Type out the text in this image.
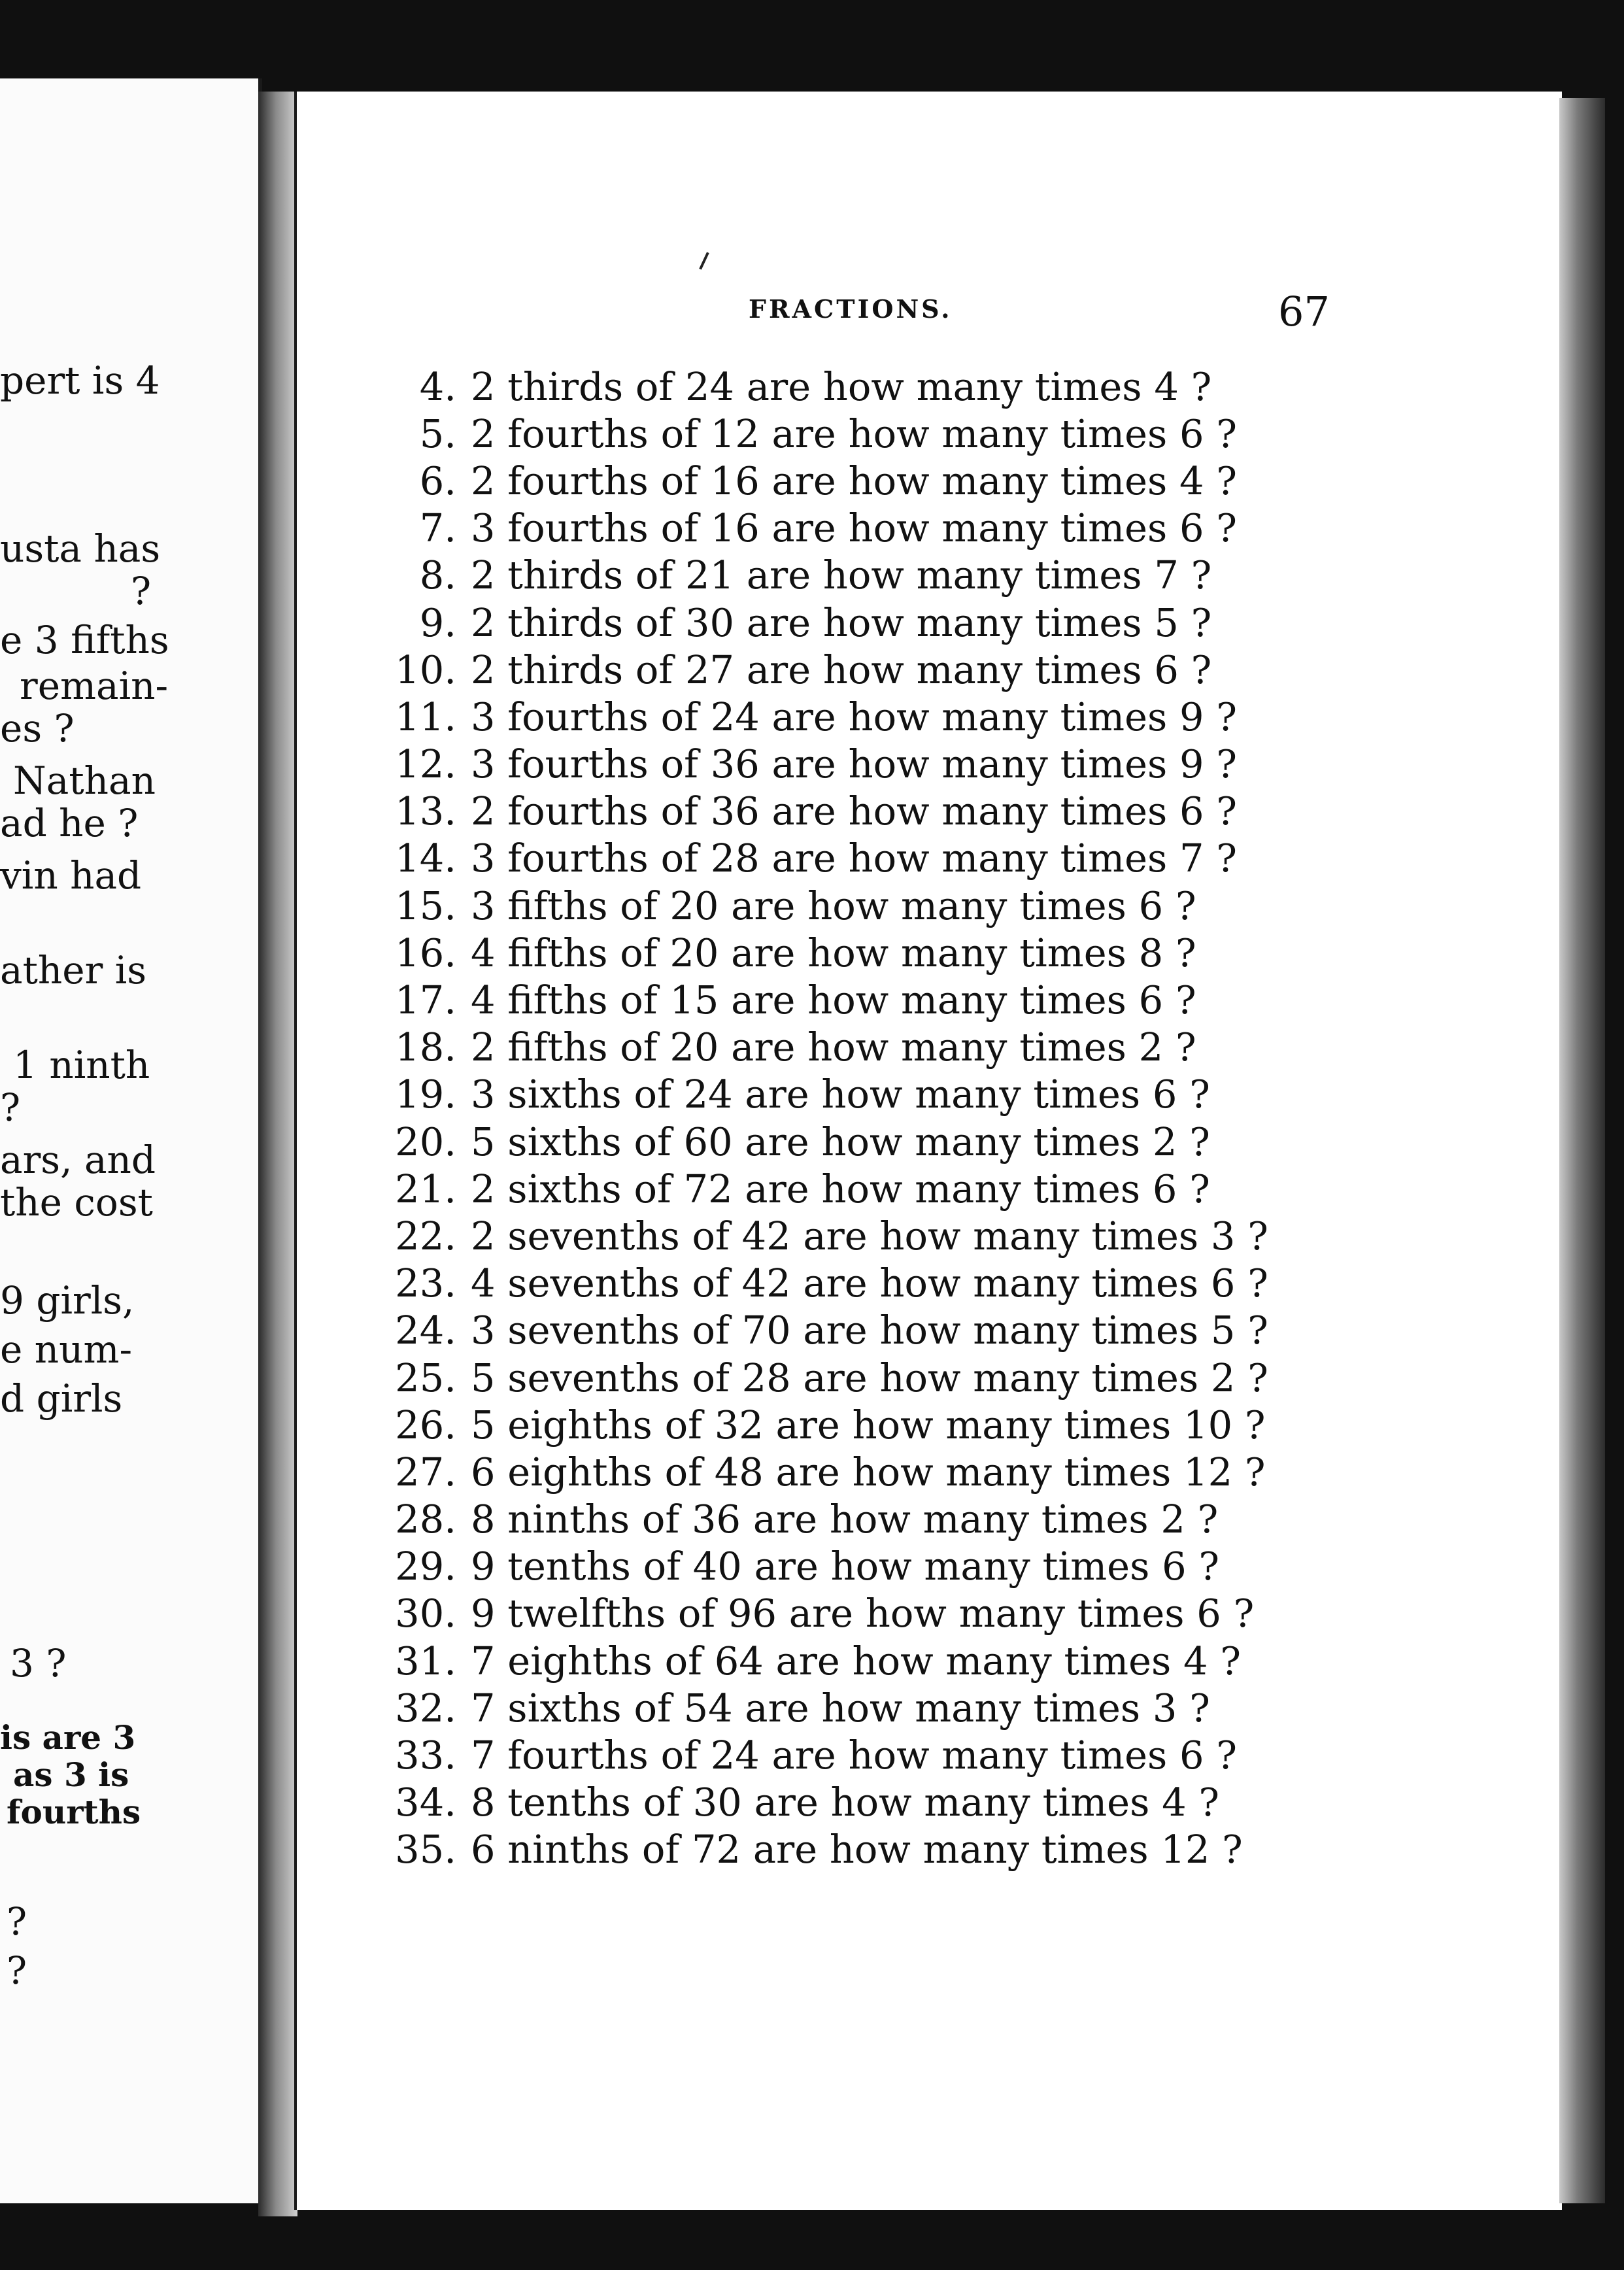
pert is 4
usta has
?
e 3 fifths
remain-
es ?
Nathan
ad he ?
vin had
ather is
1 ninth
?
ars, and
the cost
9 girls,
e num-
d girls
3 ?
is are 3
as 3 is
fourths
?
?
FRACTIONS.	67
4. 2 thirds of 24 are how many times 4 ?
5. 2 fourths of 12 are how many times 6 ?
6. 2 fourths of 16 are how many times 4 ?
7. 3 fourths of 16 are how many times 6 ?
8. 2 thirds of 21 are how many times 7 ?
9. 2 thirds of 30 are how many times 5 ?
10. 2 thirds of 27 are how many times 6 ?
11. 3 fourths of 24 are how many times 9 ?
12. 3 fourths of 36 are how many times 9 ?
13. 2 fourths of 36 are how many times 6 ?
14. 3 fourths of 28 are how many times 7 ?
15. 3 fifths of 20 are how many times 6 ?
16. 4 fifths of 20 are how many times 8 ?
17. 4 fifths of 15 are how many times 6 ?
18. 2 fifths of 20 are how many times 2 ?
19. 3 sixths of 24 are how many times 6 ?
20. 5 sixths of 60 are how many times 2 ?
21. 2 sixths of 72 are how many times 6 ?
22. 2 sevenths of 42 are how many times 3 ?
23. 4 sevenths of 42 are how many times 6 ?
24. 3 sevenths of 70 are how many times 5 ?
25. 5 sevenths of 28 are how many times 2 ?
26. 5 eighths of 32 are how many times 10 ?
27. 6 eighths of 48 are how many times 12 ?
28. 8 ninths of 36 are how many times 2 ?
29. 9 tenths of 40 are how many times 6 ?
30. 9 twelfths of 96 are how many times 6 ?
31. 7 eighths of 64 are how many times 4 ?
32. 7 sixths of 54 are how many times 3 ?
33. 7 fourths of 24 are how many times 6 ?
34. 8 tenths of 30 are how many times 4 ?
35. 6 ninths of 72 are how many times 12 ?
